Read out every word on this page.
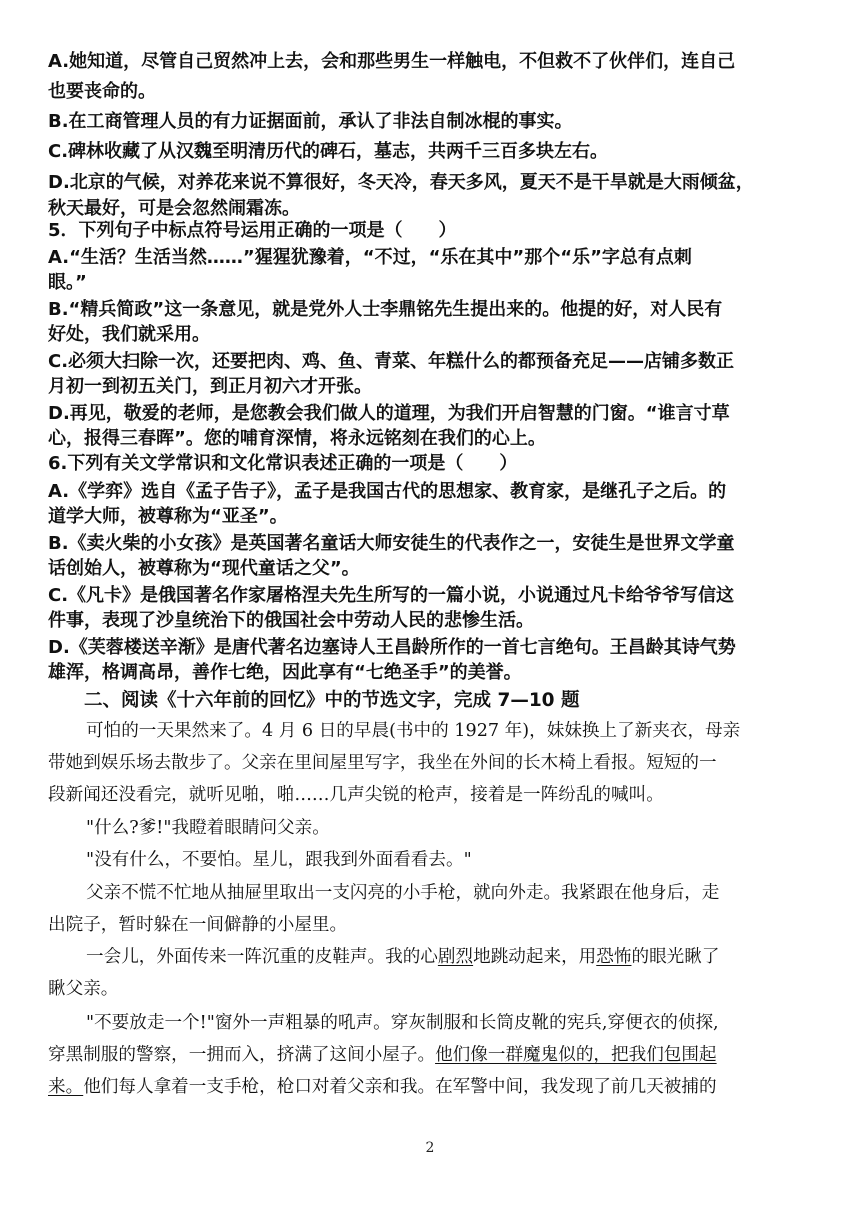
A.她知道，尽管自己贸然冲上去，会和那些男生一样触电，不但救不了伙伴们，连自己

也要丧命的。

B.在工商管理人员的有力证据面前，承认了非法自制冰棍的事实。

C.碑林收藏了从汉魏至明清历代的碑石，墓志，共两千三百多块左右。

D.北京的气候，对养花来说不算很好，冬天冷，春天多风，夏天不是干旱就是大雨倾盆，

秋天最好，可是会忽然闹霜冻。

5．下列句子中标点符号运用正确的一项是（　　）

A.“生活？生活当然……”猩猩犹豫着，“不过，“乐在其中”那个“乐”字总有点刺

眼。”

B.“精兵简政”这一条意见，就是党外人士李鼎铭先生提出来的。他提的好，对人民有

好处，我们就采用。

C.必须大扫除一次，还要把肉、鸡、鱼、青菜、年糕什么的都预备充足——店铺多数正

月初一到初五关门，到正月初六才开张。

D.再见，敬爱的老师，是您教会我们做人的道理，为我们开启智慧的门窗。“谁言寸草

心，报得三春晖”。您的哺育深情，将永远铭刻在我们的心上。

6.下列有关文学常识和文化常识表述正确的一项是（　　）

A.《学弈》选自《孟子告子》，孟子是我国古代的思想家、教育家，是继孔子之后。的

道学大师，被尊称为“亚圣”。

B.《卖火柴的小女孩》是英国著名童话大师安徒生的代表作之一，安徒生是世界文学童

话创始人，被尊称为“现代童话之父”。

C.《凡卡》是俄国著名作家屠格涅夫先生所写的一篇小说，小说通过凡卡给爷爷写信这

件事，表现了沙皇统治下的俄国社会中劳动人民的悲惨生活。

D.《芙蓉楼送辛渐》是唐代著名边塞诗人王昌龄所作的一首七言绝句。王昌龄其诗气势

雄浑，格调高昂，善作七绝，因此享有“七绝圣手”的美誉。

二、阅读《十六年前的回忆》中的节选文字，完成 7—10 题

可怕的一天果然来了。4 月 6 日的早晨(书中的 1927 年)，妹妹换上了新夹衣，母亲

带她到娱乐场去散步了。父亲在里间屋里写字，我坐在外间的长木椅上看报。短短的一

段新闻还没看完，就听见啪，啪……几声尖锐的枪声，接着是一阵纷乱的喊叫。

"什么?爹!"我瞪着眼睛问父亲。

"没有什么，不要怕。星儿，跟我到外面看看去。"

父亲不慌不忙地从抽屉里取出一支闪亮的小手枪，就向外走。我紧跟在他身后，走

出院子，暂时躲在一间僻静的小屋里。

一会儿，外面传来一阵沉重的皮鞋声。我的心剧烈地跳动起来，用恐怖的眼光瞅了

瞅父亲。

"不要放走一个!"窗外一声粗暴的吼声。穿灰制服和长筒皮靴的宪兵,穿便衣的侦探,

穿黑制服的警察，一拥而入，挤满了这间小屋子。他们像一群魔鬼似的，把我们包围起

来。他们每人拿着一支手枪，枪口对着父亲和我。在军警中间，我发现了前几天被捕的

2
